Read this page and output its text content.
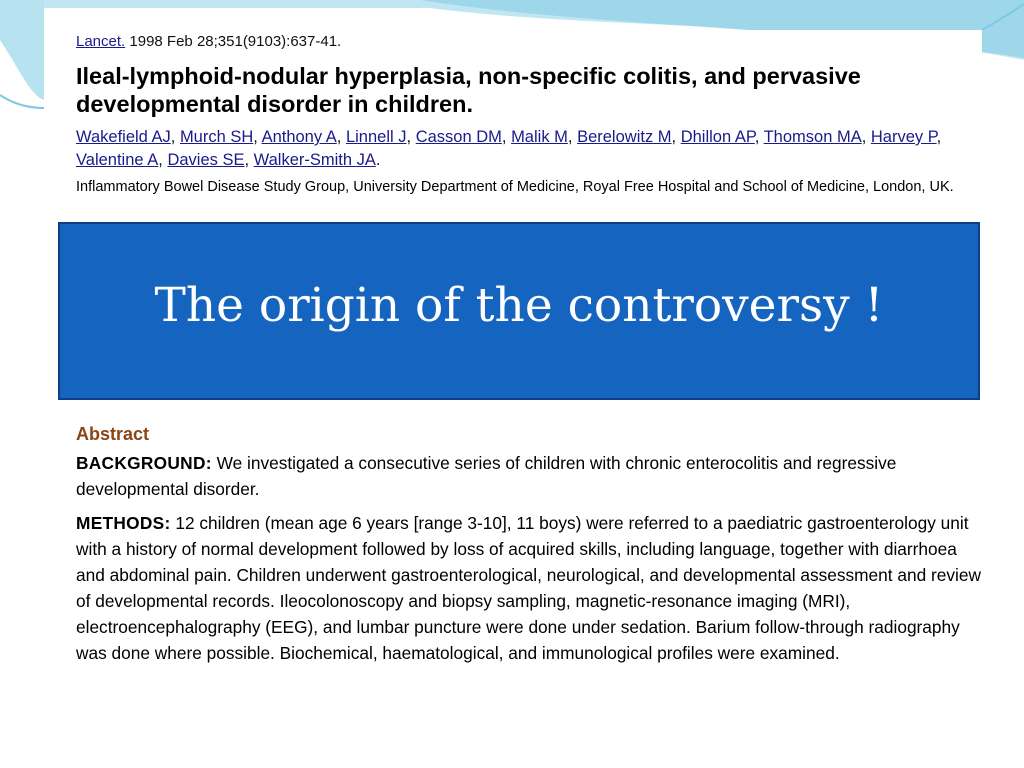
Lancet. 1998 Feb 28;351(9103):637-41.
Ileal-lymphoid-nodular hyperplasia, non-specific colitis, and pervasive developmental disorder in children.
Wakefield AJ, Murch SH, Anthony A, Linnell J, Casson DM, Malik M, Berelowitz M, Dhillon AP, Thomson MA, Harvey P, Valentine A, Davies SE, Walker-Smith JA.
Inflammatory Bowel Disease Study Group, University Department of Medicine, Royal Free Hospital and School of Medicine, London, UK.
Abstract

BACKGROUND: We investigated a consecutive series of children with chronic enterocolitis and regressive developmental disorder.

METHODS: 12 children (mean age 6 years [range 3-10], 11 boys) were referred to a paediatric gastroenterology unit with a history of normal development followed by loss of acquired skills, including language, together with diarrhoea and abdominal pain. Children underwent gastroenterological, neurological, and developmental assessment and review of developmental records. Ileocolonoscopy and biopsy sampling, magnetic-resonance imaging (MRI), electroencephalography (EEG), and lumbar puncture were done under sedation. Barium follow-through radiography was done where possible. Biochemical, haematological, and immunological profiles were examined.

The origin of the controversy !
